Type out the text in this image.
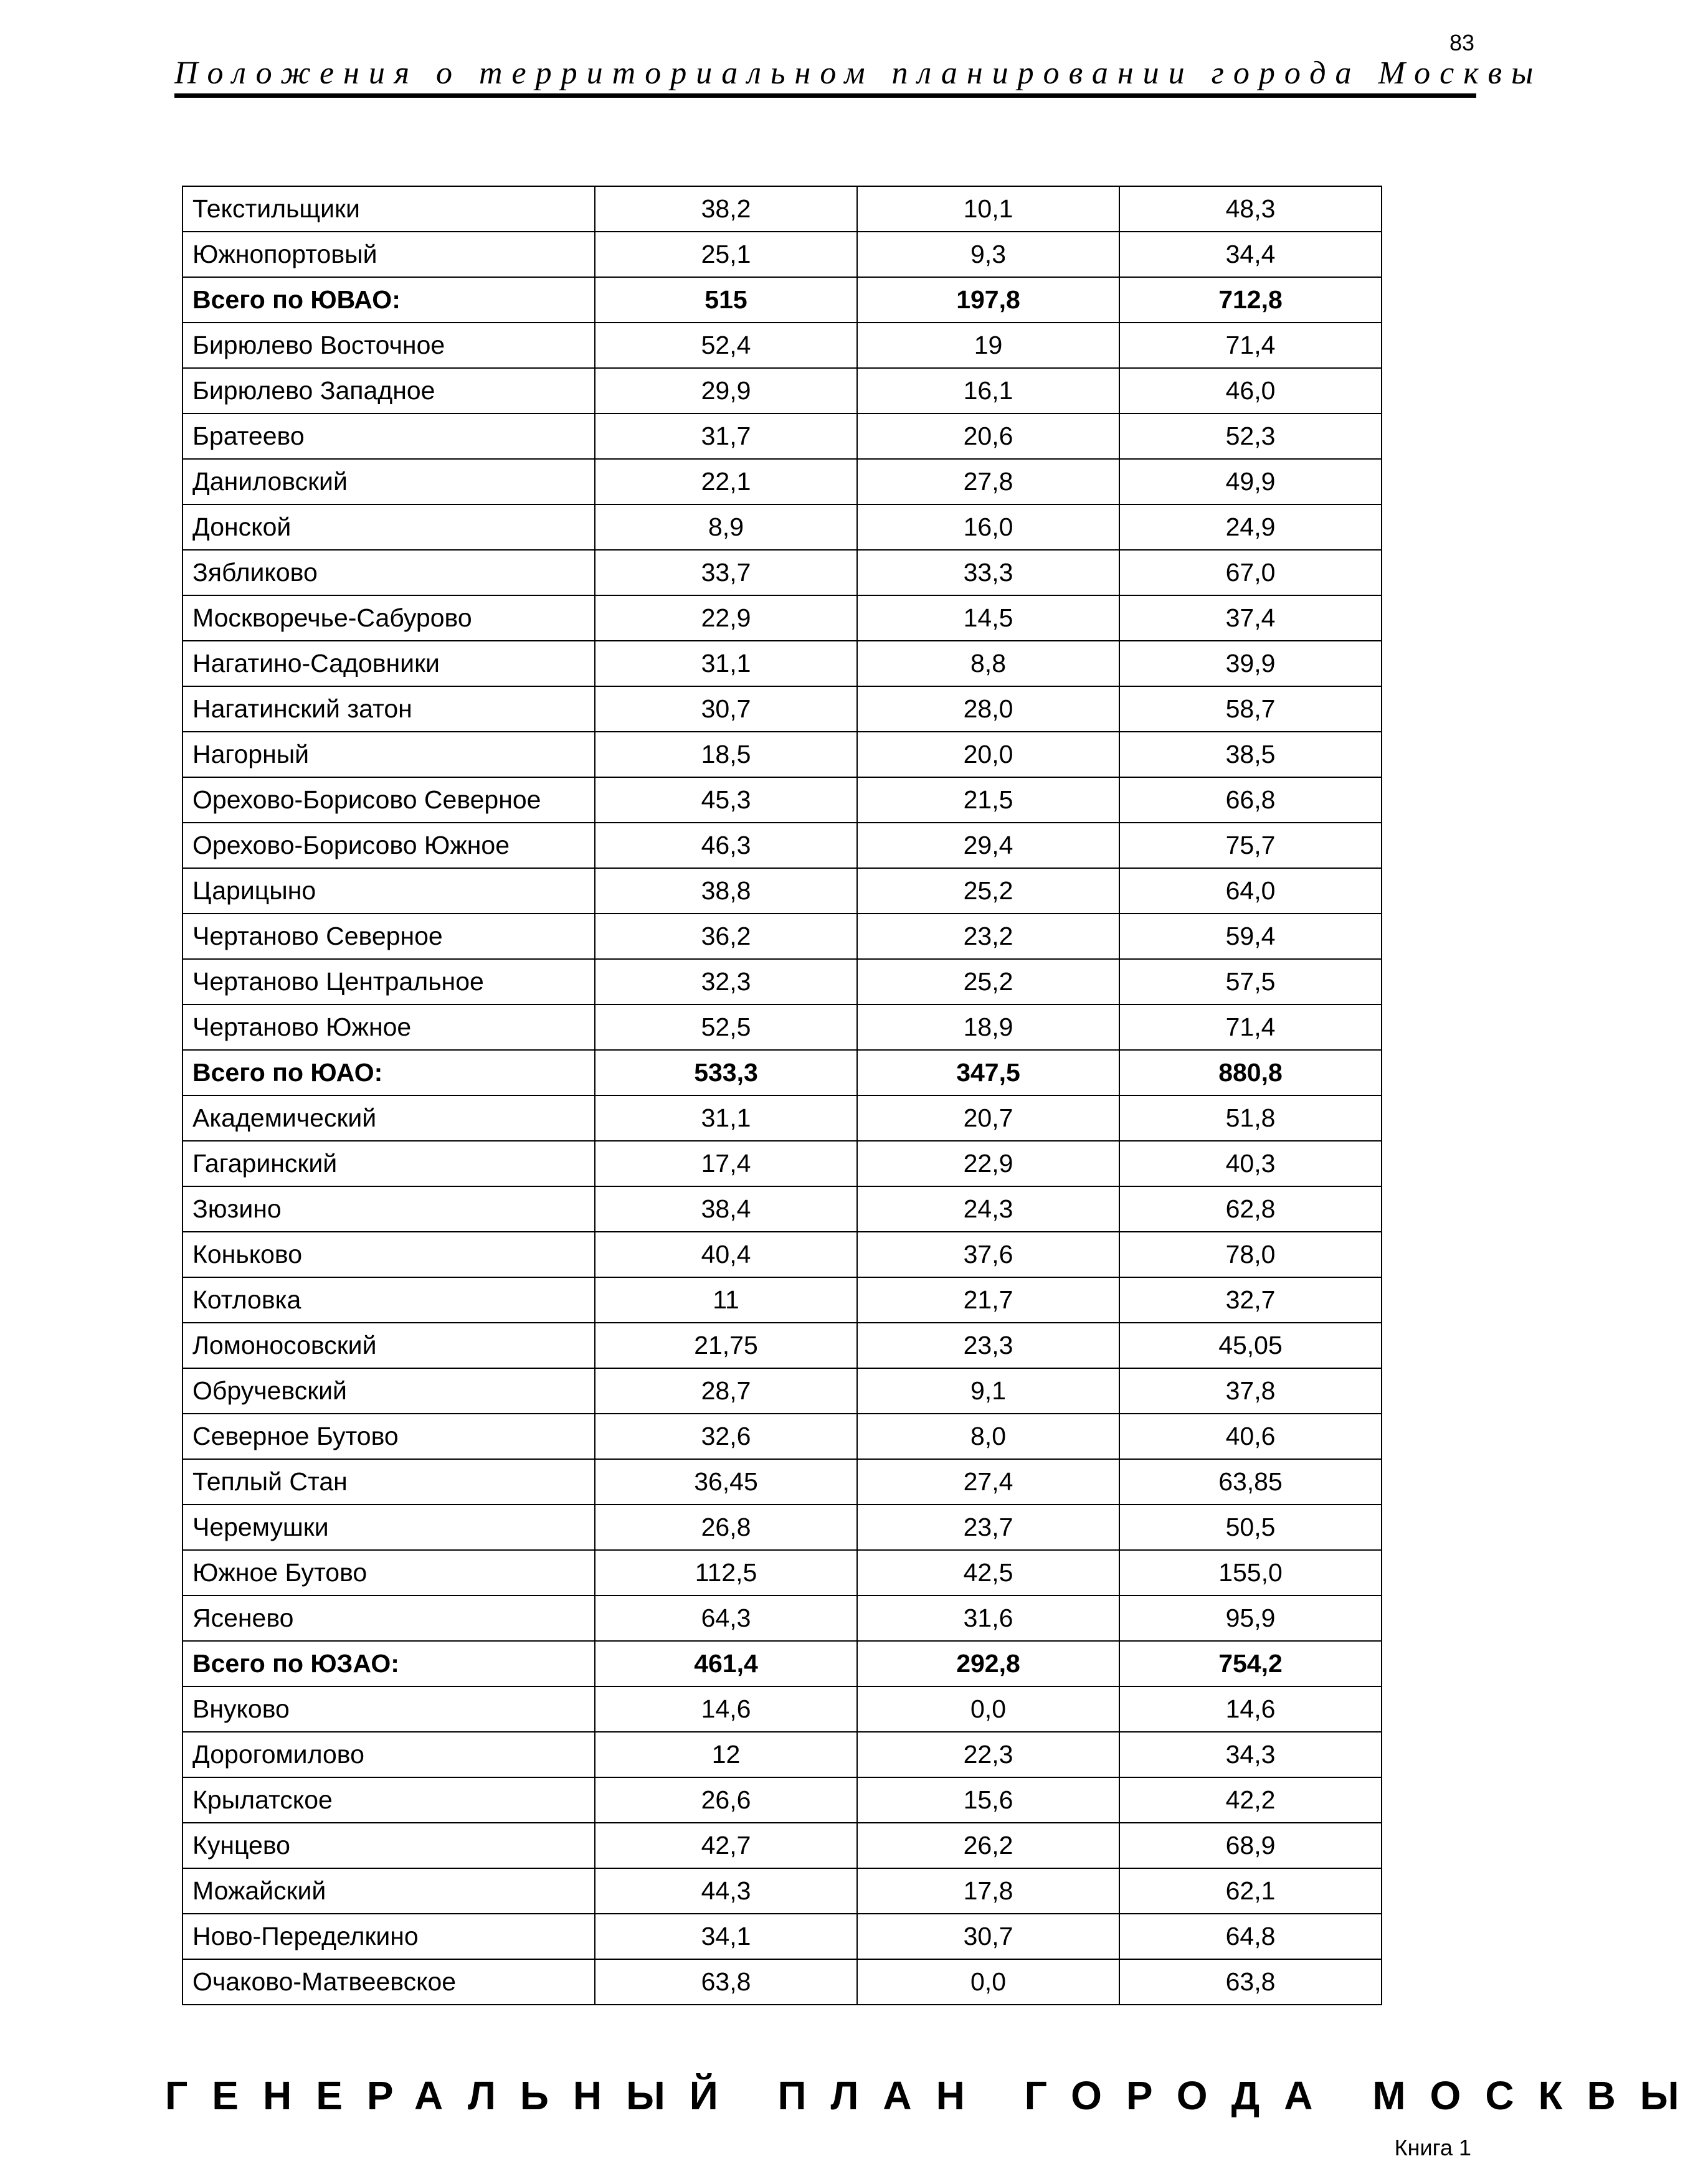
83
Положения о территориальном планировании города Москвы
Текстильщики	38,2	10,1	48,3
Южнопортовый	25,1	9,3	34,4
Всего по ЮВАО:	515	197,8	712,8
Бирюлево Восточное	52,4	19	71,4
Бирюлево Западное	29,9	16,1	46,0
Братеево	31,7	20,6	52,3
Даниловский	22,1	27,8	49,9
Донской	8,9	16,0	24,9
Зябликово	33,7	33,3	67,0
Москворечье-Сабурово	22,9	14,5	37,4
Нагатино-Садовники	31,1	8,8	39,9
Нагатинский затон	30,7	28,0	58,7
Нагорный	18,5	20,0	38,5
Орехово-Борисово Северное	45,3	21,5	66,8
Орехово-Борисово Южное	46,3	29,4	75,7
Царицыно	38,8	25,2	64,0
Чертаново Северное	36,2	23,2	59,4
Чертаново Центральное	32,3	25,2	57,5
Чертаново Южное	52,5	18,9	71,4
Всего по ЮАО:	533,3	347,5	880,8
Академический	31,1	20,7	51,8
Гагаринский	17,4	22,9	40,3
Зюзино	38,4	24,3	62,8
Коньково	40,4	37,6	78,0
Котловка	11	21,7	32,7
Ломоносовский	21,75	23,3	45,05
Обручевский	28,7	9,1	37,8
Северное Бутово	32,6	8,0	40,6
Теплый Стан	36,45	27,4	63,85
Черемушки	26,8	23,7	50,5
Южное Бутово	112,5	42,5	155,0
Ясенево	64,3	31,6	95,9
Всего по ЮЗАО:	461,4	292,8	754,2
Внуково	14,6	0,0	14,6
Дорогомилово	12	22,3	34,3
Крылатское	26,6	15,6	42,2
Кунцево	42,7	26,2	68,9
Можайский	44,3	17,8	62,1
Ново-Переделкино	34,1	30,7	64,8
Очаково-Матвеевское	63,8	0,0	63,8
ГЕНЕРАЛЬНЫЙ ПЛАН ГОРОДА МОСКВЫ
Книга 1
